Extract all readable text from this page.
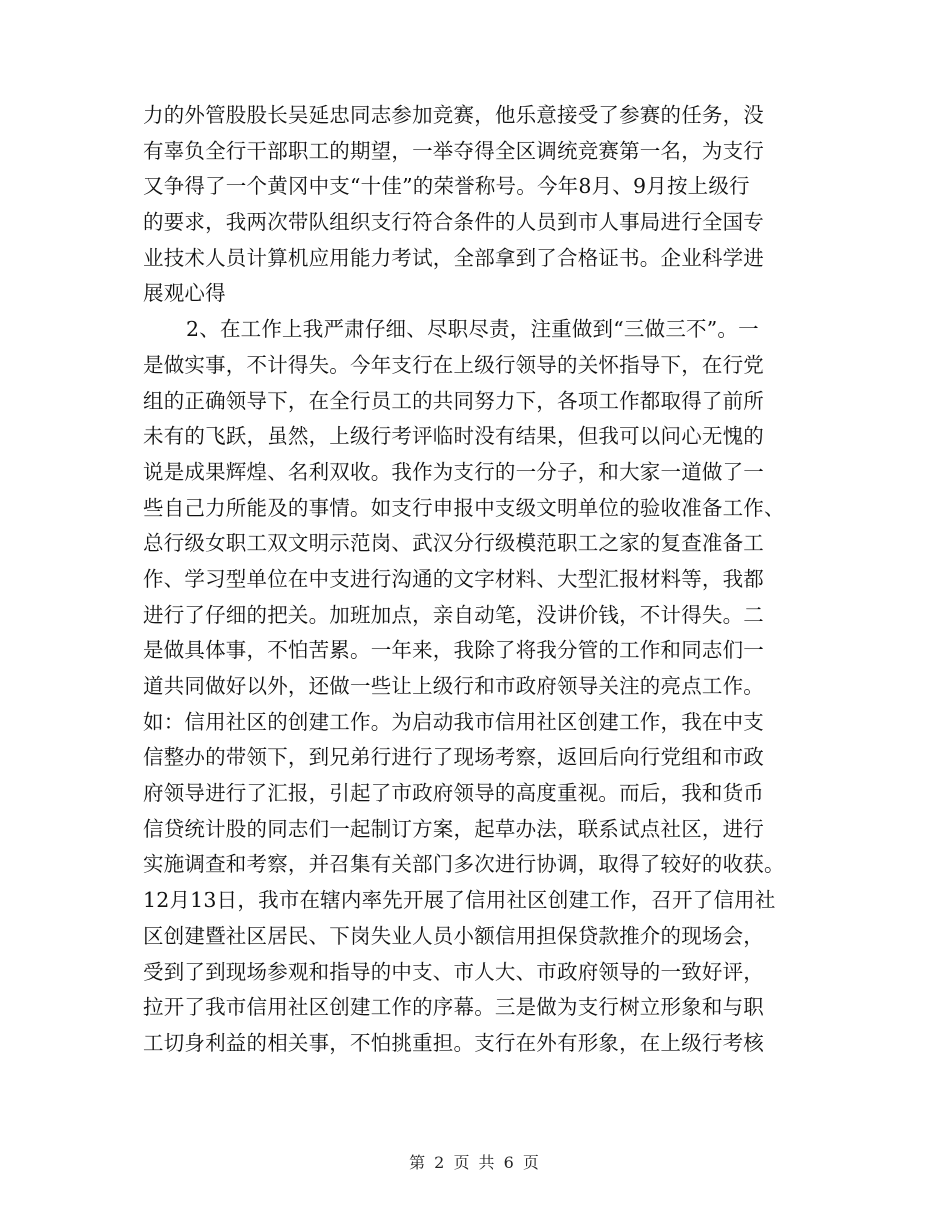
力的外管股股长吴延忠同志参加竞赛，他乐意接受了参赛的任务，没
有辜负全行干部职工的期望，一举夺得全区调统竞赛第一名，为支行
又争得了一个黄冈中支“十佳”的荣誉称号。今年8月、9月按上级行
的要求，我两次带队组织支行符合条件的人员到市人事局进行全国专
业技术人员计算机应用能力考试，全部拿到了合格证书。企业科学进
展观心得
2、在工作上我严肃仔细、尽职尽责，注重做到“三做三不”。一
是做实事，不计得失。今年支行在上级行领导的关怀指导下，在行党
组的正确领导下，在全行员工的共同努力下，各项工作都取得了前所
未有的飞跃，虽然，上级行考评临时没有结果，但我可以问心无愧的
说是成果辉煌、名利双收。我作为支行的一分子，和大家一道做了一
些自己力所能及的事情。如支行申报中支级文明单位的验收准备工作、
总行级女职工双文明示范岗、武汉分行级模范职工之家的复查准备工
作、学习型单位在中支进行沟通的文字材料、大型汇报材料等，我都
进行了仔细的把关。加班加点，亲自动笔，没讲价钱，不计得失。二
是做具体事，不怕苦累。一年来，我除了将我分管的工作和同志们一
道共同做好以外，还做一些让上级行和市政府领导关注的亮点工作。
如：信用社区的创建工作。为启动我市信用社区创建工作，我在中支
信整办的带领下，到兄弟行进行了现场考察，返回后向行党组和市政
府领导进行了汇报，引起了市政府领导的高度重视。而后，我和货币
信贷统计股的同志们一起制订方案，起草办法，联系试点社区，进行
实施调查和考察，并召集有关部门多次进行协调，取得了较好的收获。
12月13日，我市在辖内率先开展了信用社区创建工作，召开了信用社
区创建暨社区居民、下岗失业人员小额信用担保贷款推介的现场会，
受到了到现场参观和指导的中支、市人大、市政府领导的一致好评，
拉开了我市信用社区创建工作的序幕。三是做为支行树立形象和与职
工切身利益的相关事，不怕挑重担。支行在外有形象，在上级行考核
第 2 页 共 6 页
